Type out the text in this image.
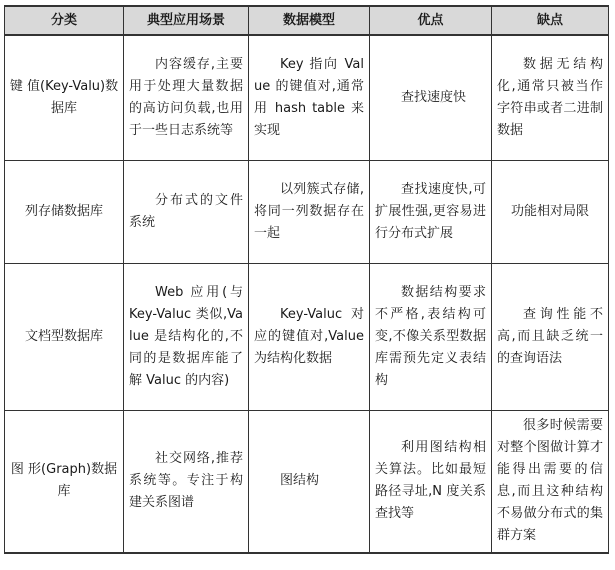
分类	典型应用场景	数据模型	优点	缺点
键 值(Key-Valu)数据库	内容缓存,主要用于处理大量数据的高访问负载,也用于一些日志系统等	Key 指向 Value 的键值对,通常用 hash table 来实现	查找速度快	数据无结构化,通常只被当作字符串或者二进制数据
列存储数据库	分布式的文件系统	以列簇式存储,将同一列数据存在一起	查找速度快,可扩展性强,更容易进行分布式扩展	功能相对局限
文档型数据库	Web 应用(与 Key-Valuc 类似,Value 是结构化的,不同的是数据库能了解 Valuc 的内容)	Key-Valuc 对应的键值对,Value 为结构化数据	数据结构要求不严格,表结构可变,不像关系型数据库需预先定义表结构	查询性能不高,而且缺乏统一的查询语法
图 形(Graph)数据库	社交网络,推荐系统等。专注于构建关系图谱	图结构	利用图结构相关算法。比如最短路径寻址,N 度关系查找等	很多时候需要对整个图做计算才能得出需要的信息,而且这种结构不易做分布式的集群方案
